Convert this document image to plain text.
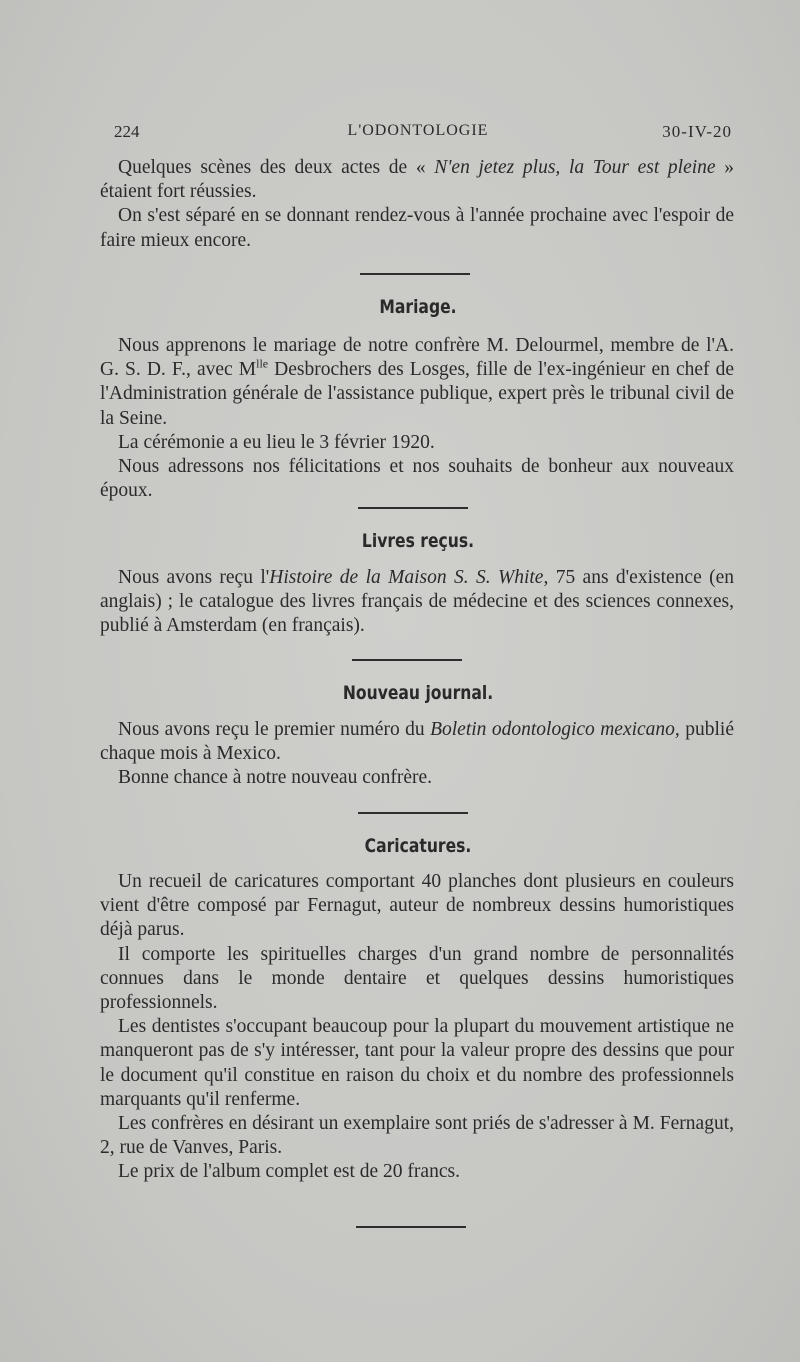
224	L'ODONTOLOGIE	30-IV-20

Quelques scènes des deux actes de « N'en jetez plus, la Tour est pleine » étaient fort réussies.

On s'est séparé en se donnant rendez-vous à l'année prochaine avec l'espoir de faire mieux encore.

Mariage.

Nous apprenons le mariage de notre confrère M. Delourmel, membre de l'A. G. S. D. F., avec $M^{lle}$ Desbrochers des Losges, fille de l'ex-ingénieur en chef de l'Administration générale de l'assistance publique, expert près le tribunal civil de la Seine.

La cérémonie a eu lieu le 3 février 1920.

Nous adressons nos félicitations et nos souhaits de bonheur aux nouveaux époux.

Livres reçus.

Nous avons reçu l'Histoire de la Maison S. S. White, 75 ans d'existence (en anglais) ; le catalogue des livres français de médecine et des sciences connexes, publié à Amsterdam (en français).

Nouveau journal.

Nous avons reçu le premier numéro du Boletin odontologico mexicano, publié chaque mois à Mexico.

Bonne chance à notre nouveau confrère.

Caricatures.

Un recueil de caricatures comportant 40 planches dont plusieurs en couleurs vient d'être composé par Fernagut, auteur de nombreux dessins humoristiques déjà parus.

Il comporte les spirituelles charges d'un grand nombre de personnalités connues dans le monde dentaire et quelques dessins humoristiques professionnels.

Les dentistes s'occupant beaucoup pour la plupart du mouvement artistique ne manqueront pas de s'y intéresser, tant pour la valeur propre des dessins que pour le document qu'il constitue en raison du choix et du nombre des professionnels marquants qu'il renferme.

Les confrères en désirant un exemplaire sont priés de s'adresser à M. Fernagut, 2, rue de Vanves, Paris.

Le prix de l'album complet est de 20 francs.
